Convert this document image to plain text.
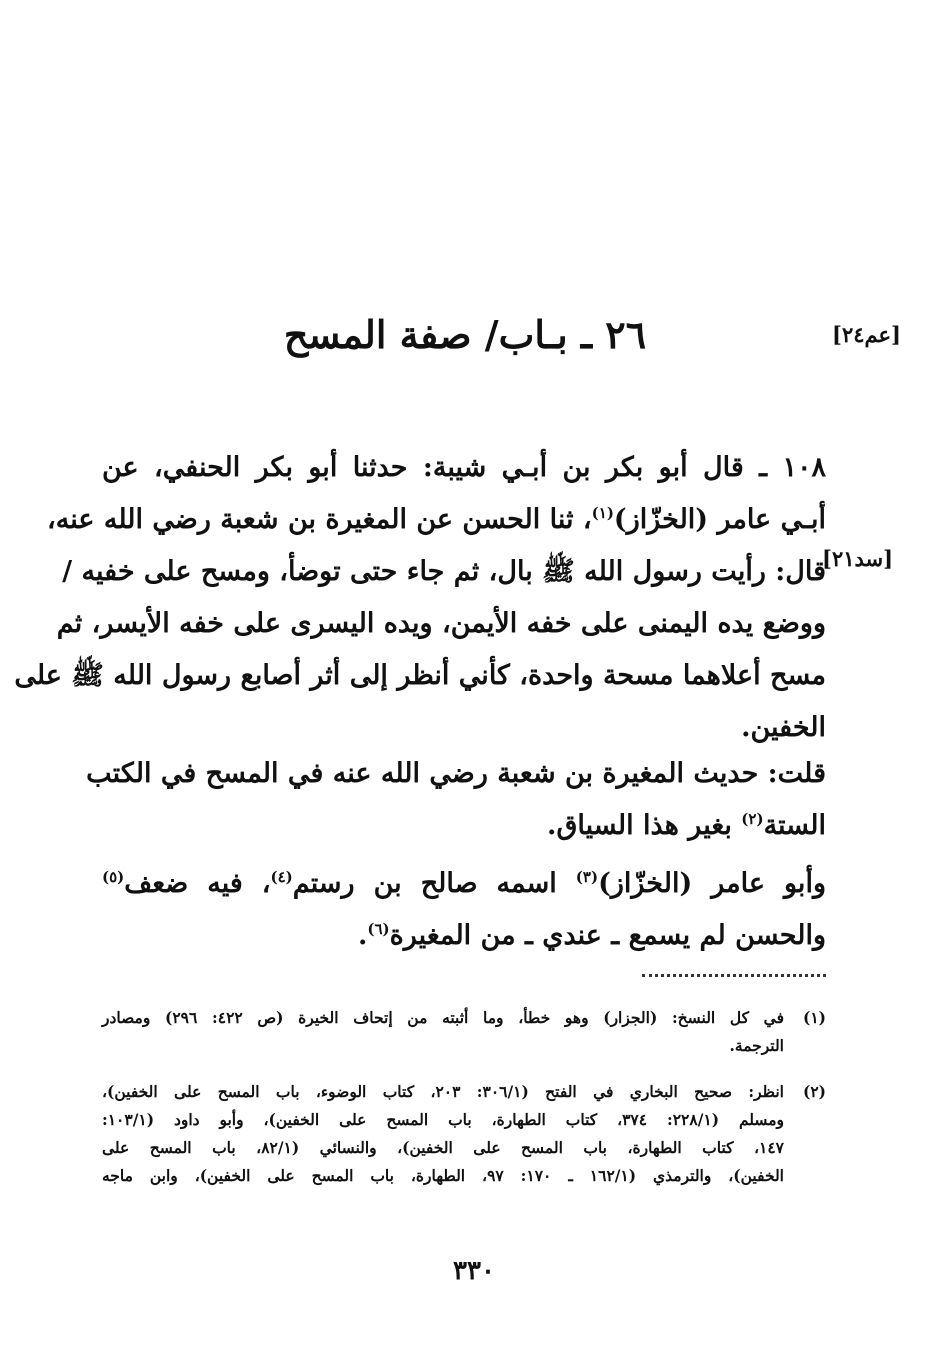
[عم٢٤]
٢٦ ـ بـاب/ صفة المسح
[سد٢١]
١٠٨ ـ قال أبو بكر بن أبـي شيبة: حدثنا أبو بكر الحنفي، عن
أبـي عامر (الخزّاز)$^{(١)}$، ثنا الحسن عن المغيرة بن شعبة رضي الله عنه،
قال: رأيت رسول الله ﷺ بال، ثم جاء حتى توضأ، ومسح على خفيه /
ووضع يده اليمنى على خفه الأيمن، ويده اليسرى على خفه الأيسر، ثم
مسح أعلاهما مسحة واحدة، كأني أنظر إلى أثر أصابع رسول الله ﷺ على
الخفين.
قلت: حديث المغيرة بن شعبة رضي الله عنه في المسح في الكتب
الستة$^{(٢)}$ بغير هذا السياق.
وأبو عامر (الخزّاز)$^{(٣)}$ اسمه صالح بن رستم$^{(٤)}$، فيه ضعف$^{(٥)}$
والحسن لم يسمع ـ عندي ـ من المغيرة$^{(٦)}$.
(١)
في كل النسخ: (الجزار) وهو خطأ، وما أثبته من إتحاف الخيرة (ص ٤٢٢: ٢٩٦) ومصادر
الترجمة.
(٢)
انظر: صحيح البخاري في الفتح (٣٠٦/١: ٢٠٣، كتاب الوضوء، باب المسح على الخفين)،
ومسلم (٢٢٨/١: ٣٧٤، كتاب الطهارة، باب المسح على الخفين)، وأبو داود (١٠٣/١:
١٤٧، كتاب الطهارة، باب المسح على الخفين)، والنسائي (٨٢/١، باب المسح على
الخفين)، والترمذي (١٦٢/١ ـ ١٧٠: ٩٧، الطهارة، باب المسح على الخفين)، وابن ماجه
٣٣٠
